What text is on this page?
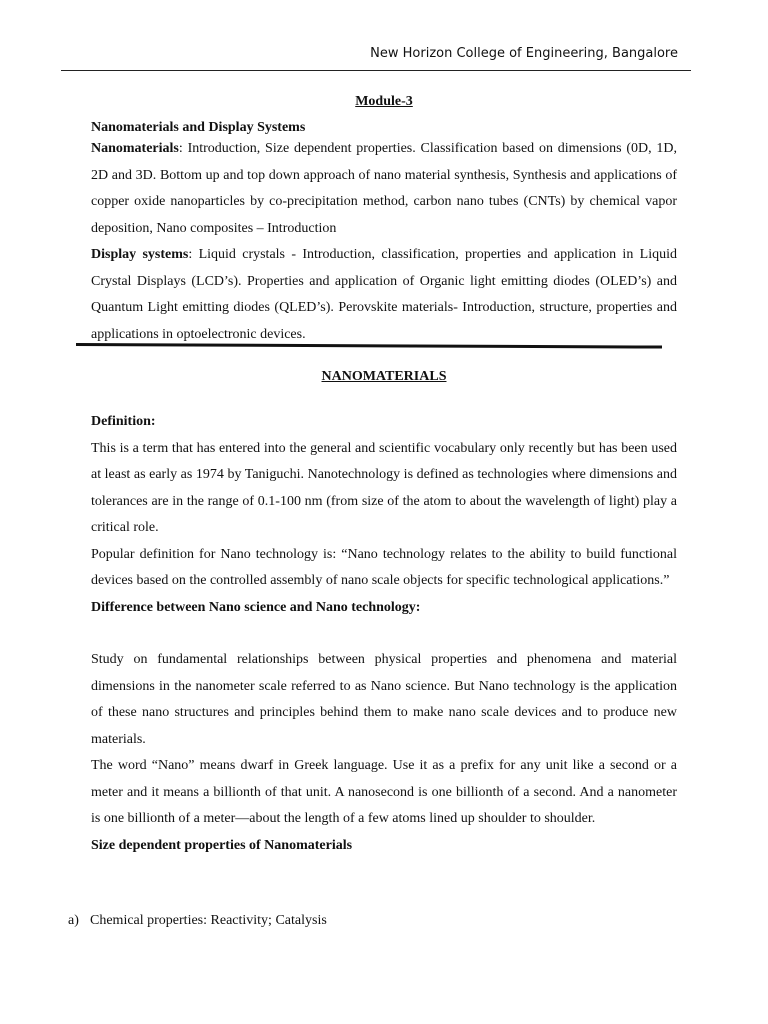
New Horizon College of Engineering, Bangalore
Module-3

Nanomaterials and Display Systems

Nanomaterials: Introduction, Size dependent properties. Classification based on dimensions (0D, 1D, 2D and 3D. Bottom up and top down approach of nano material synthesis, Synthesis and applications of copper oxide nanoparticles by co-precipitation method, carbon nano tubes (CNTs) by chemical vapor deposition, Nano composites – Introduction

Display systems: Liquid crystals - Introduction, classification, properties and application in Liquid Crystal Displays (LCD’s). Properties and application of Organic light emitting diodes (OLED’s) and Quantum Light emitting diodes (QLED’s). Perovskite materials- Introduction, structure, properties and applications in optoelectronic devices.

NANOMATERIALS

Definition:

This is a term that has entered into the general and scientific vocabulary only recently but has been used at least as early as 1974 by Taniguchi. Nanotechnology is defined as technologies where dimensions and tolerances are in the range of 0.1-100 nm (from size of the atom to about the wavelength of light) play a critical role.

Popular definition for Nano technology is: “Nano technology relates to the ability to build functional devices based on the controlled assembly of nano scale objects for specific technological applications.”

Difference between Nano science and Nano technology:

Study on fundamental relationships between physical properties and phenomena and material dimensions in the nanometer scale referred to as Nano science. But Nano technology is the application of these nano structures and principles behind them to make nano scale devices and to produce new materials.

The word “Nano” means dwarf in Greek language. Use it as a prefix for any unit like a second or a meter and it means a billionth of that unit. A nanosecond is one billionth of a second. And a nanometer is one billionth of a meter—about the length of a few atoms lined up shoulder to shoulder.

Size dependent properties of Nanomaterials

a) Chemical properties: Reactivity; Catalysis
